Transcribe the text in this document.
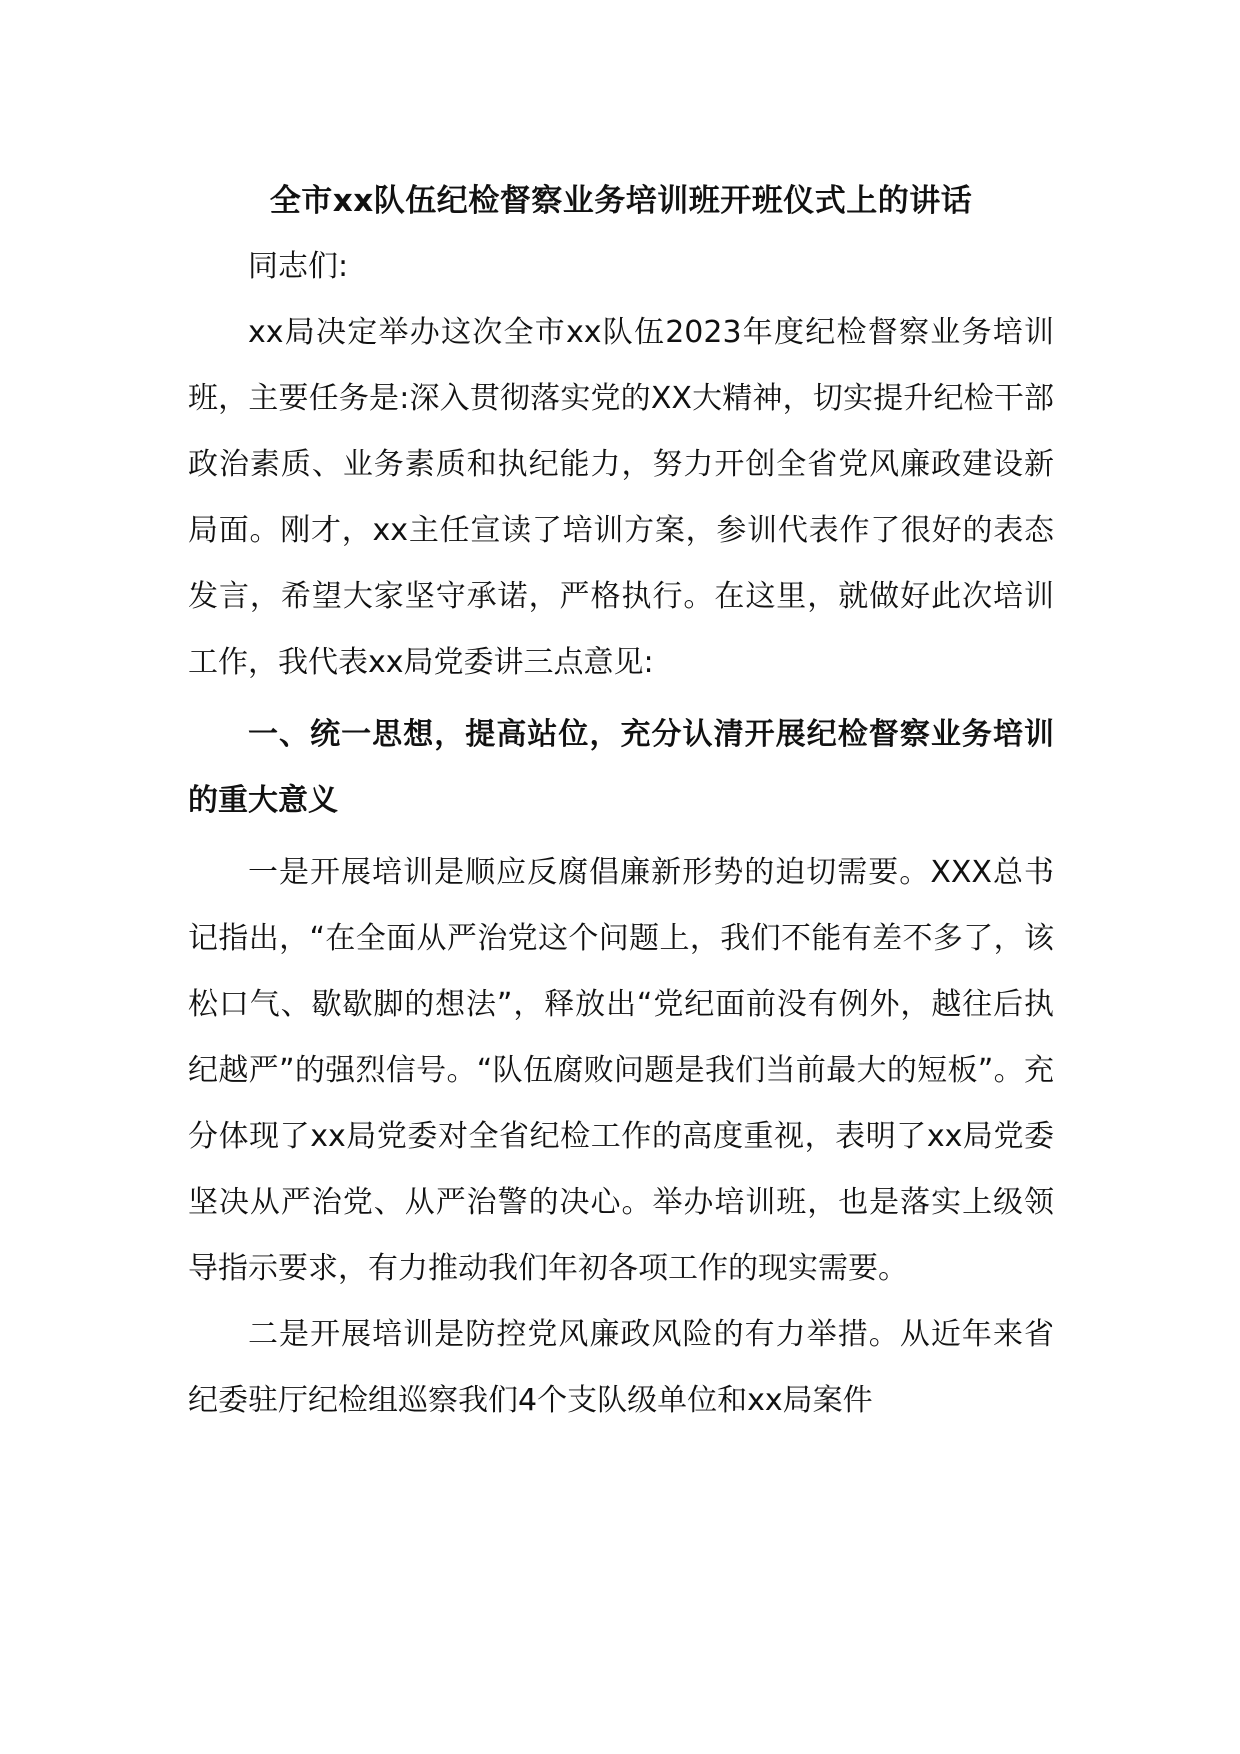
全市xx队伍纪检督察业务培训班开班仪式上的讲话

同志们:

xx局决定举办这次全市xx队伍2023年度纪检督察业务培训班，主要任务是:深入贯彻落实党的XX大精神，切实提升纪检干部政治素质、业务素质和执纪能力，努力开创全省党风廉政建设新局面。刚才，xx主任宣读了培训方案，参训代表作了很好的表态发言，希望大家坚守承诺，严格执行。在这里，就做好此次培训工作，我代表xx局党委讲三点意见:

一、统一思想，提高站位，充分认清开展纪检督察业务培训的重大意义

一是开展培训是顺应反腐倡廉新形势的迫切需要。XXX总书记指出，“在全面从严治党这个问题上，我们不能有差不多了，该松口气、歇歇脚的想法”，释放出“党纪面前没有例外，越往后执纪越严”的强烈信号。“队伍腐败问题是我们当前最大的短板”。充分体现了xx局党委对全省纪检工作的高度重视，表明了xx局党委坚决从严治党、从严治警的决心。举办培训班，也是落实上级领导指示要求，有力推动我们年初各项工作的现实需要。

二是开展培训是防控党风廉政风险的有力举措。从近年来省纪委驻厅纪检组巡察我们4个支队级单位和xx局案件
